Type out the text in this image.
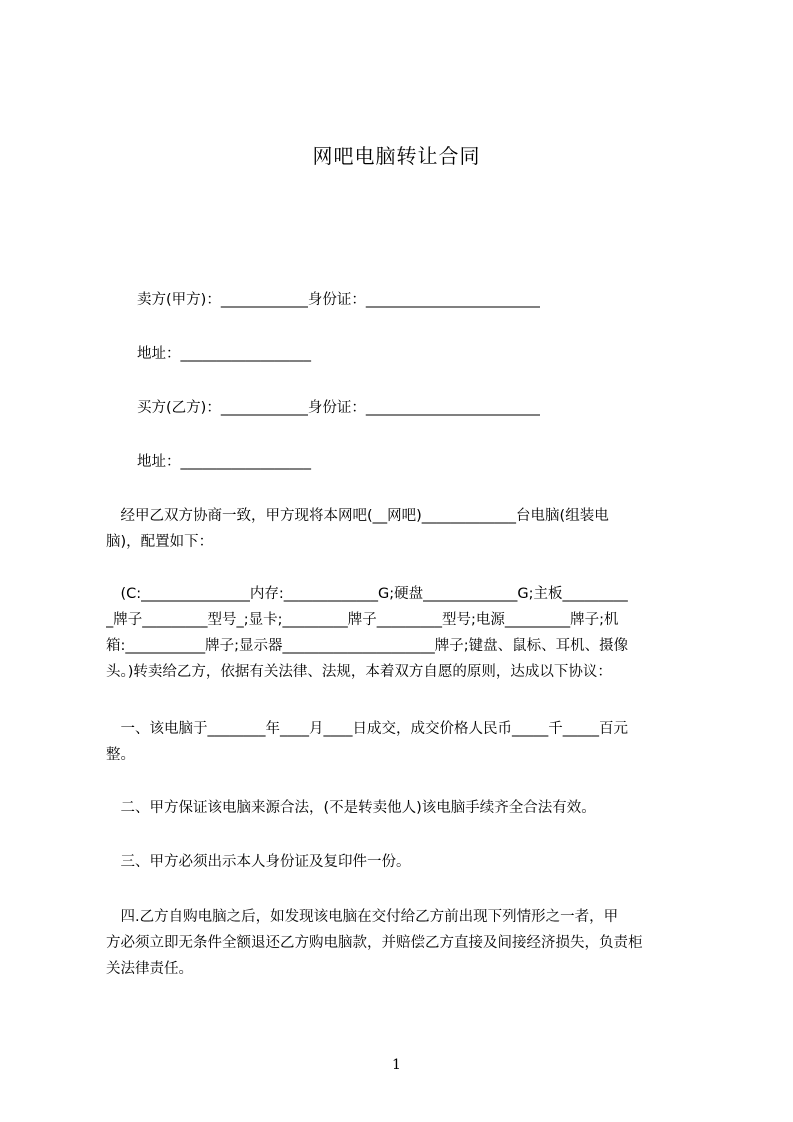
网吧电脑转让合同
卖方(甲方)：____________身份证：________________________
地址：__________________
买方(乙方)：____________身份证：________________________
地址：__________________
　经甲乙双方协商一致，甲方现将本网吧(__网吧)_____________台电脑(组装电
脑)，配置如下：
　(C:_______________内存:_____________G;硬盘_____________G;主板_________
_牌子_________型号_;显卡;_________牌子_________型号;电源_________牌子;机
箱:___________牌子;显示器_____________________牌子;键盘、鼠标、耳机、摄像
头。)转卖给乙方，依据有关法律、法规，本着双方自愿的原则，达成以下协议：
　一、该电脑于________年____月____日成交，成交价格人民币_____千_____百元
整。
　二、甲方保证该电脑来源合法，(不是转卖他人)该电脑手续齐全合法有效。
　三、甲方必须出示本人身份证及复印件一份。
　四.乙方自购电脑之后，如发现该电脑在交付给乙方前出现下列情形之一者，甲
方必须立即无条件全额退还乙方购电脑款，并赔偿乙方直接及间接经济损失，负责柜
关法律责任。
1
